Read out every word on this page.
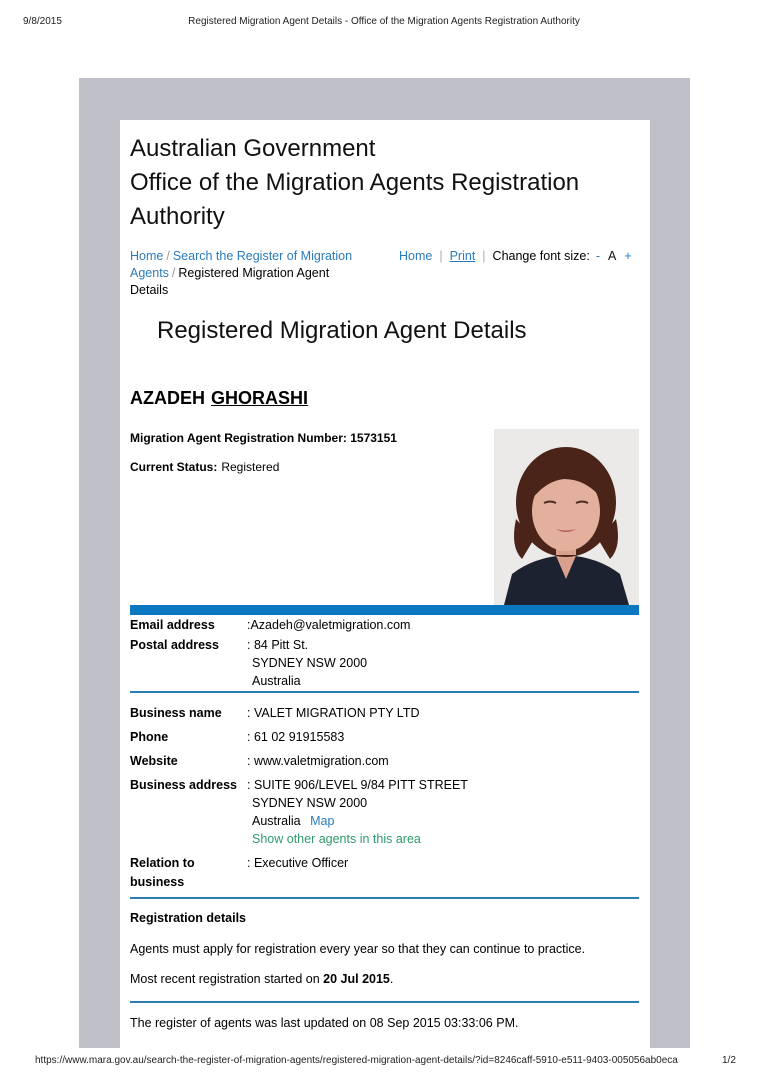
9/8/2015	Registered Migration Agent Details - Office of the Migration Agents Registration Authority
Australian Government
Office of the Migration Agents Registration
Authority
Home / Search the Register of Migration
Agents / Registered Migration Agent
Details
Home | Print | Change font size: - A +
Registered Migration Agent Details
AZADEH GHORASHI
Migration Agent Registration Number: 1573151
Current Status: Registered
Email address	:Azadeh@valetmigration.com
Postal address	: 84 Pitt St.
SYDNEY NSW 2000
Australia
Business name	: VALET MIGRATION PTY LTD
Phone	: 61 02 91915583
Website	: www.valetmigration.com
Business address : SUITE 906/LEVEL 9/84 PITT STREET
SYDNEY NSW 2000
Australia Map
Show other agents in this area
Relation to
business
: Executive Officer
Registration details
Agents must apply for registration every year so that they can continue to practice.
Most recent registration started on 20 Jul 2015.
The register of agents was last updated on 08 Sep 2015 03:33:06 PM.
https://www.mara.gov.au/search-the-register-of-migration-agents/registered-migration-agent-details/?id=8246caff-5910-e511-9403-005056ab0eca	1/2
